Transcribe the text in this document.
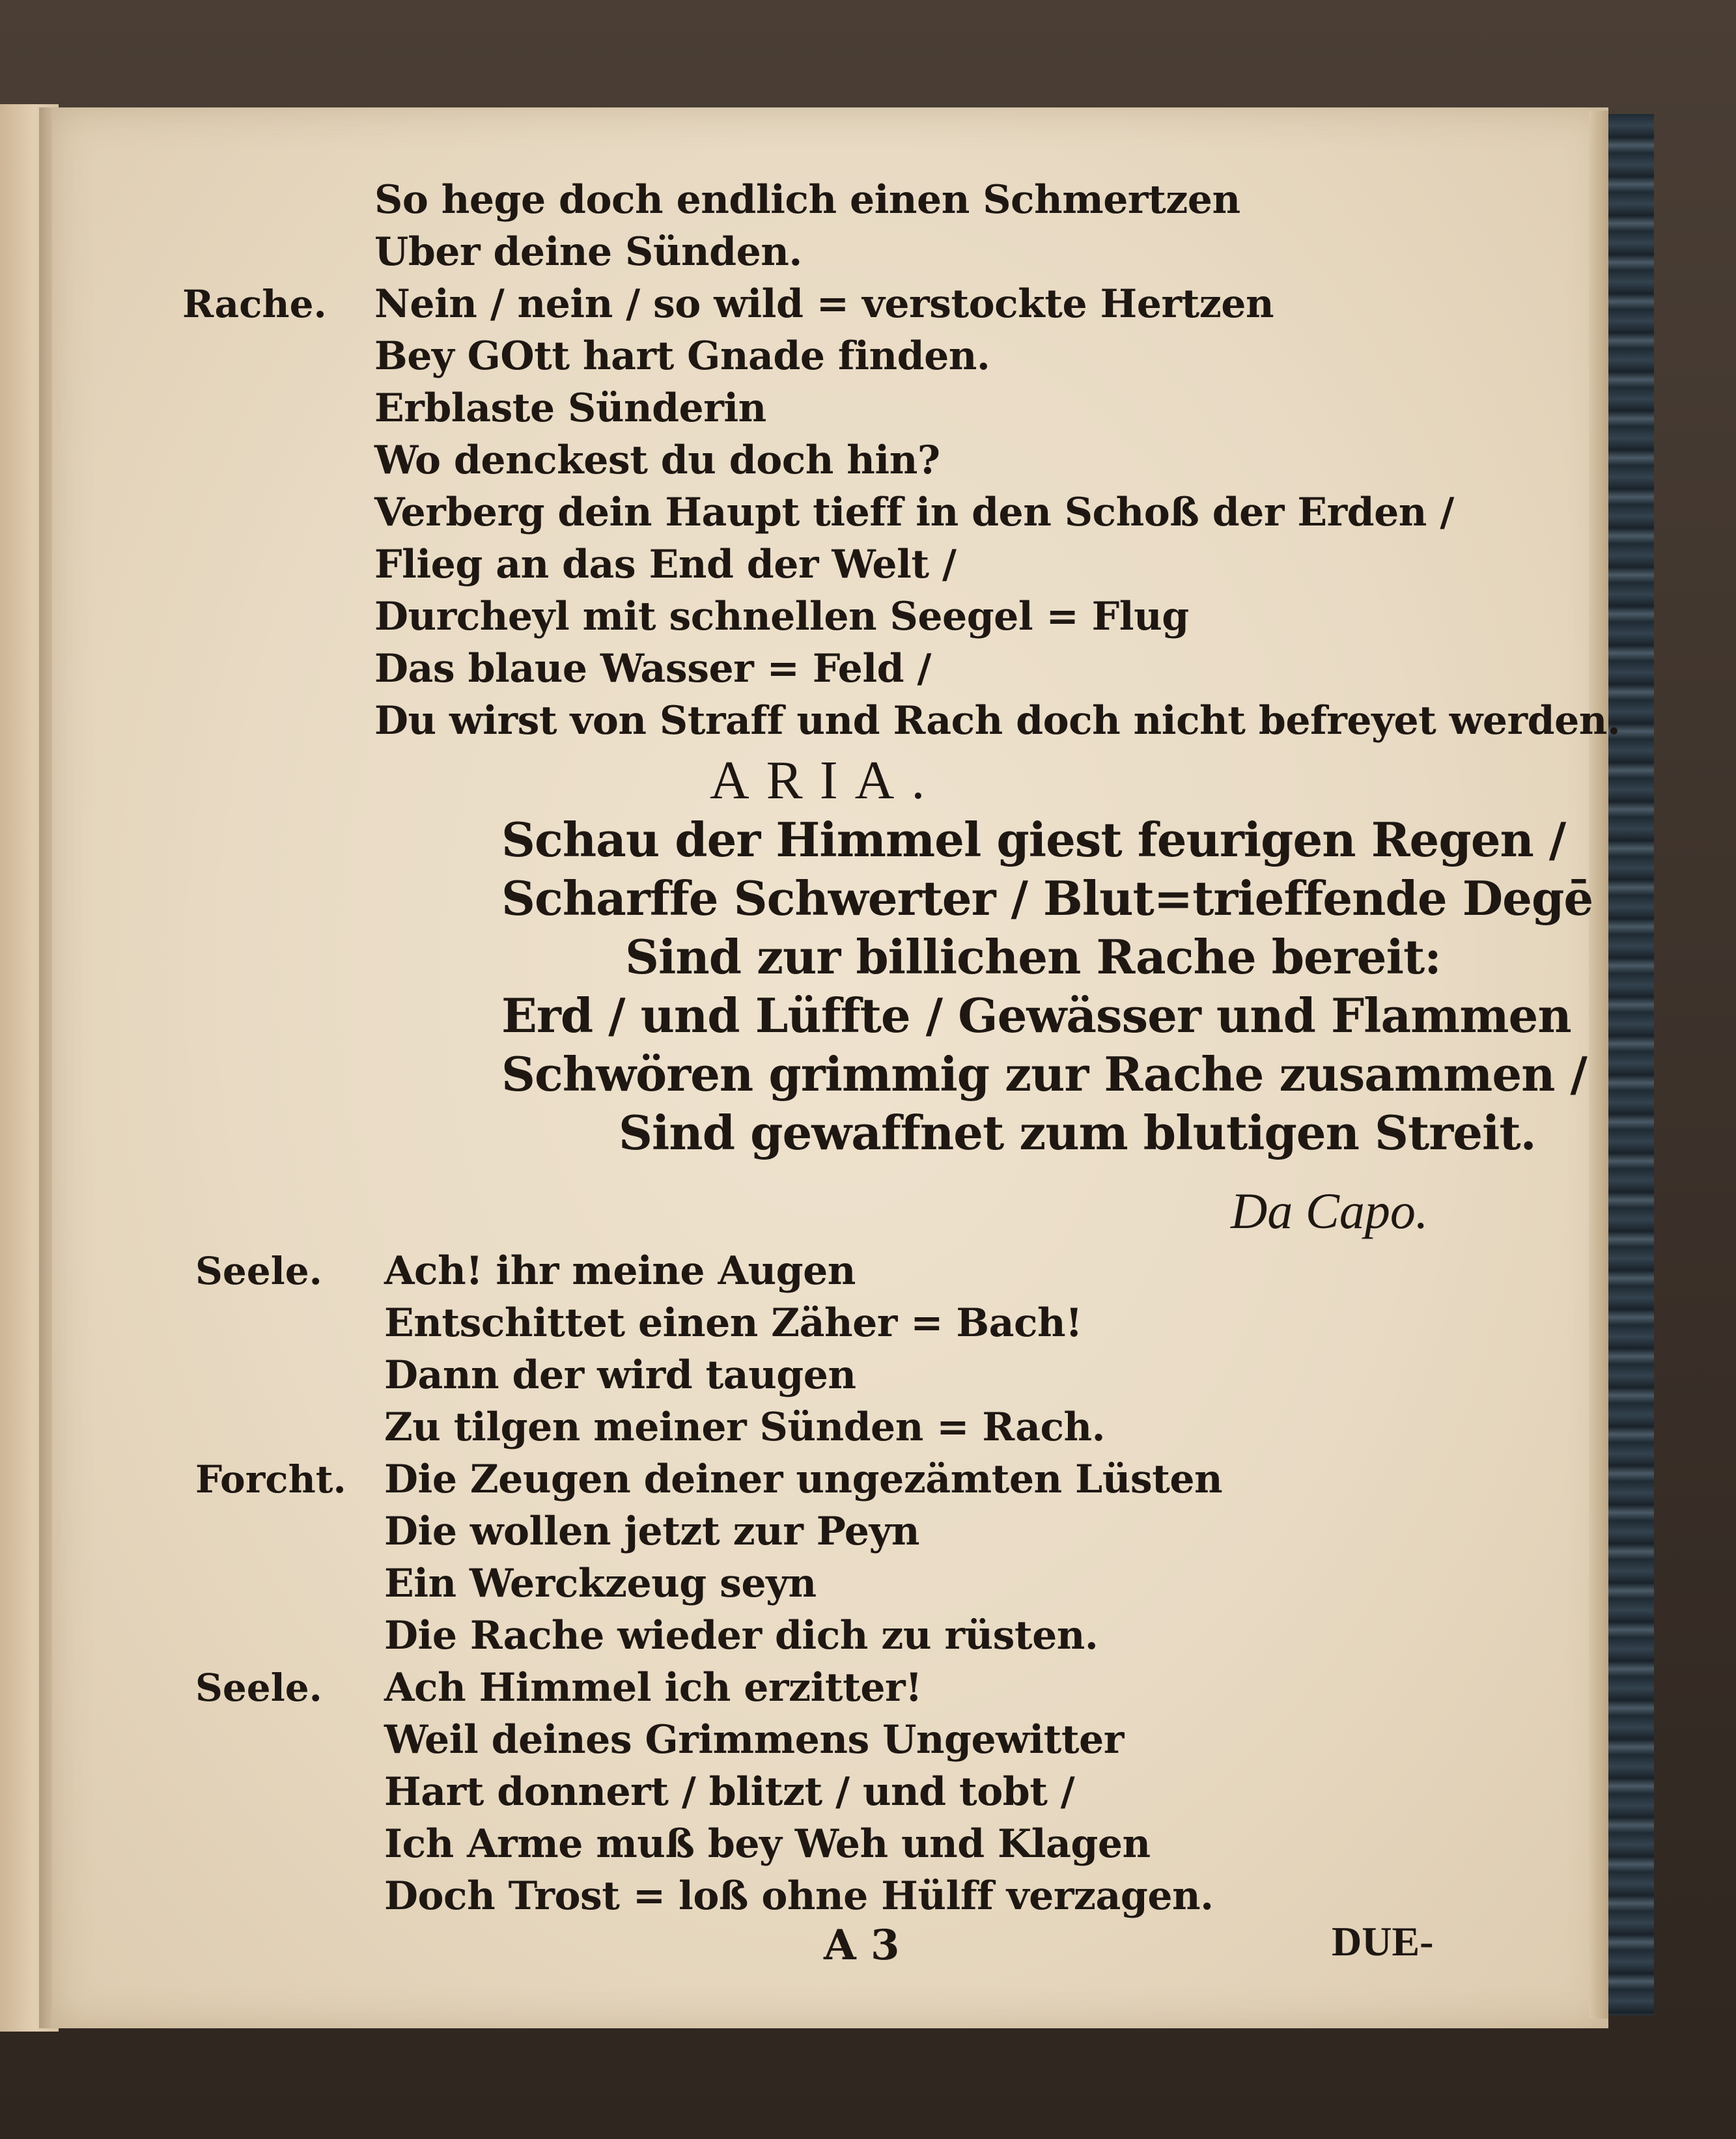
So hege doch endlich einen Schmertzen

Uber deine Sünden.

Nein / nein / so wild = verstockte Hertzen

Bey GOtt hart Gnade finden.

Erblaste Sünderin

Wo denckest du doch hin?

Verberg dein Haupt tieff in den Schoß der Erden /

Flieg an das End der Welt /

Durcheyl mit schnellen Seegel = Flug

Das blaue Wasser = Feld /

Du wirst von Straff und Rach doch nicht befreyet werden.

Rache.

ARIA.

Schau der Himmel giest feurigen Regen /

Scharffe Schwerter / Blut=trieffende Degē

Sind zur billichen Rache bereit:

Erd / und Lüffte / Gewässer und Flammen

Schwören grimmig zur Rache zusammen /

Sind gewaffnet zum blutigen Streit.

Da Capo.

Ach! ihr meine Augen

Entschittet einen Zäher = Bach!

Dann der wird taugen

Zu tilgen meiner Sünden = Rach.

Die Zeugen deiner ungezämten Lüsten

Die wollen jetzt zur Peyn

Ein Werckzeug seyn

Die Rache wieder dich zu rüsten.

Ach Himmel ich erzitter!

Weil deines Grimmens Ungewitter

Hart donnert / blitzt / und tobt /

Ich Arme muß bey Weh und Klagen

Doch Trost = loß ohne Hülff verzagen.

Seele.

Forcht.

Seele.

A 3	DUE-
